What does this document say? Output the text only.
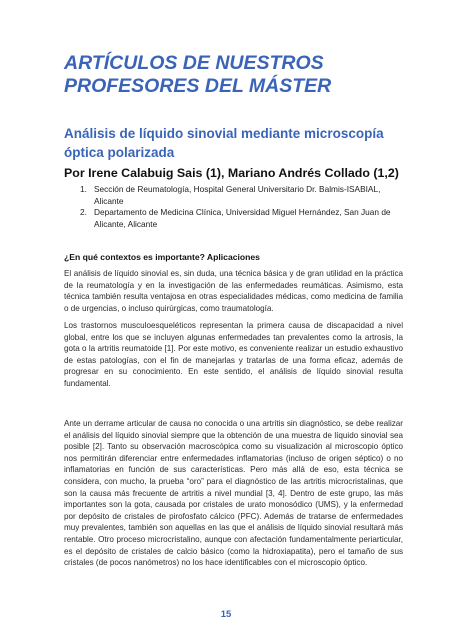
ARTÍCULOS DE NUESTROS PROFESORES DEL MÁSTER
Análisis de líquido sinovial mediante microscopía óptica polarizada

Por Irene Calabuig Sais (1), Mariano Andrés Collado (1,2)

1. Sección de Reumatología, Hospital General Universitario Dr. Balmis-ISABIAL, Alicante
2. Departamento de Medicina Clínica, Universidad Miguel Hernández, San Juan de Alicante, Alicante
¿En qué contextos es importante? Aplicaciones

El análisis de líquido sinovial es, sin duda, una técnica básica y de gran utilidad en la práctica de la reumatología y en la investigación de las enfermedades reumáticas. Asimismo, esta técnica también resulta ventajosa en otras especialidades médicas, como medicina de familia o de urgencias, o incluso quirúrgicas, como traumatología.

Los trastornos musculoesqueléticos representan la primera causa de discapacidad a nivel global, entre los que se incluyen algunas enfermedades tan prevalentes como la artrosis, la gota o la artritis reumatoide [1]. Por este motivo, es conveniente realizar un estudio exhaustivo de estas patologías, con el fin de manejarlas y tratarlas de una forma eficaz, además de progresar en su conocimiento. En este sentido, el análisis de líquido sinovial resulta fundamental.

Ante un derrame articular de causa no conocida o una artritis sin diagnóstico, se debe realizar el análisis del líquido sinovial siempre que la obtención de una muestra de líquido sinovial sea posible [2]. Tanto su observación macroscópica como su visualización al microscopio óptico nos permitirán diferenciar entre enfermedades inflamatorias (incluso de origen séptico) o no inflamatorias en función de sus características. Pero más allá de eso, esta técnica se considera, con mucho, la prueba “oro” para el diagnóstico de las artritis microcristalinas, que son la causa más frecuente de artritis a nivel mundial [3, 4]. Dentro de este grupo, las más importantes son la gota, causada por cristales de urato monosódico (UMS), y la enfermedad por depósito de cristales de pirofosfato cálcico (PFC). Además de tratarse de enfermedades muy prevalentes, también son aquellas en las que el análisis de líquido sinovial resultará más rentable. Otro proceso microcristalino, aunque con afectación fundamentalmente periarticular, es el depósito de cristales de calcio básico (como la hidroxiapatita), pero el tamaño de sus cristales (de pocos nanómetros) no los hace identificables con el microscopio óptico.

15
